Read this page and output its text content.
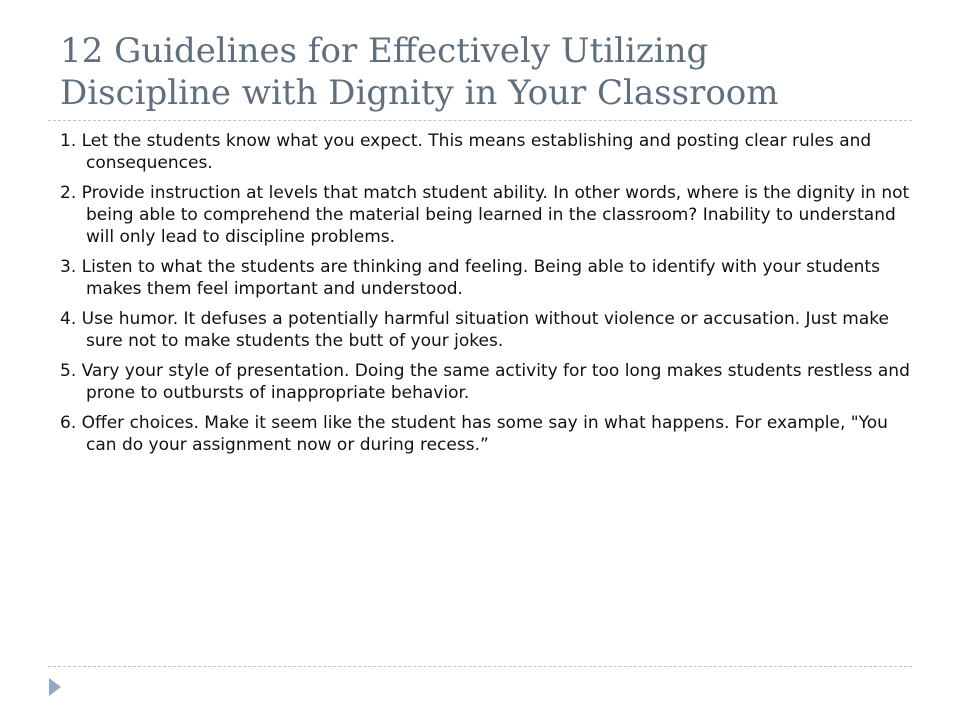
12 Guidelines for Effectively Utilizing
Discipline with Dignity in Your Classroom

1. Let the students know what you expect. This means establishing and posting clear rules and consequences.

2. Provide instruction at levels that match student ability. In other words, where is the dignity in not being able to comprehend the material being learned in the classroom? Inability to understand will only lead to discipline problems.

3. Listen to what the students are thinking and feeling. Being able to identify with your students makes them feel important and understood.

4. Use humor. It defuses a potentially harmful situation without violence or accusation. Just make sure not to make students the butt of your jokes.

5. Vary your style of presentation. Doing the same activity for too long makes students restless and prone to outbursts of inappropriate behavior.

6. Offer choices. Make it seem like the student has some say in what happens. For example, "You can do your assignment now or during recess.”
